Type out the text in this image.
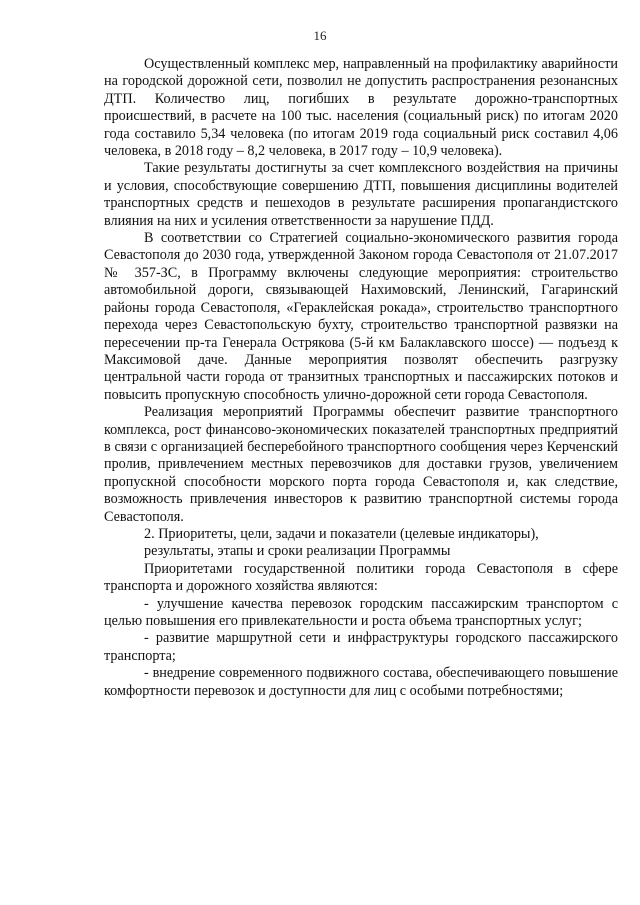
16

Осуществленный комплекс мер, направленный на профилактику аварийности на городской дорожной сети, позволил не допустить распространения резонансных ДТП. Количество лиц, погибших в результате дорожно-транспортных происшествий, в расчете на 100 тыс. населения (социальный риск) по итогам 2020 года составило 5,34 человека (по итогам 2019 года социальный риск составил 4,06 человека, в 2018 году – 8,2 человека, в 2017 году – 10,9 человека).

Такие результаты достигнуты за счет комплексного воздействия на причины и условия, способствующие совершению ДТП, повышения дисциплины водителей транспортных средств и пешеходов в результате расширения пропагандистского влияния на них и усиления ответственности за нарушение ПДД.

В соответствии со Стратегией социально-экономического развития города Севастополя до 2030 года, утвержденной Законом города Севастополя от 21.07.2017 № 357-ЗС, в Программу включены следующие мероприятия: строительство автомобильной дороги, связывающей Нахимовский, Ленинский, Гагаринский районы города Севастополя, «Гераклейская рокада», строительство транспортного перехода через Севастопольскую бухту, строительство транспортной развязки на пересечении пр-та Генерала Острякова (5-й км Балаклавского шоссе) — подъезд к Максимовой даче. Данные мероприятия позволят обеспечить разгрузку центральной части города от транзитных транспортных и пассажирских потоков и повысить пропускную способность улично-дорожной сети города Севастополя.

Реализация мероприятий Программы обеспечит развитие транспортного комплекса, рост финансово-экономических показателей транспортных предприятий в связи с организацией бесперебойного транспортного сообщения через Керченский пролив, привлечением местных перевозчиков для доставки грузов, увеличением пропускной способности морского порта города Севастополя и, как следствие, возможность привлечения инвесторов к развитию транспортной системы города Севастополя.

2. Приоритеты, цели, задачи и показатели (целевые индикаторы),
результаты, этапы и сроки реализации Программы

Приоритетами государственной политики города Севастополя в сфере транспорта и дорожного хозяйства являются:

- улучшение качества перевозок городским пассажирским транспортом с целью повышения его привлекательности и роста объема транспортных услуг;

- развитие маршрутной сети и инфраструктуры городского пассажирского транспорта;

- внедрение современного подвижного состава, обеспечивающего повышение комфортности перевозок и доступности для лиц с особыми потребностями;
